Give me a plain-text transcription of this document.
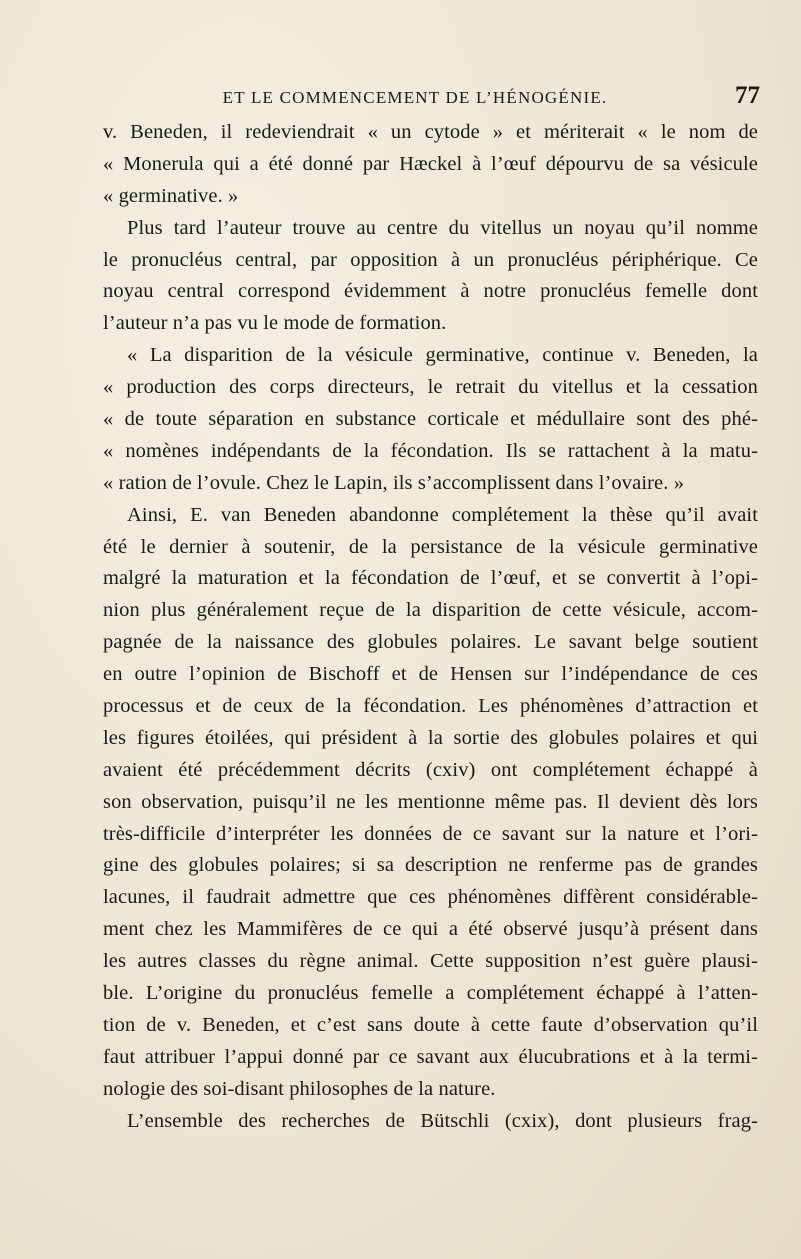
ET LE COMMENCEMENT DE L’HÉNOGÉNIE.	77
v. Beneden, il redeviendrait « un cytode » et mériterait « le nom de
« Monerula qui a été donné par Hæckel à l’œuf dépourvu de sa vésicule
« germinative. »
Plus tard l’auteur trouve au centre du vitellus un noyau qu’il nomme
le pronucléus central, par opposition à un pronucléus périphérique. Ce
noyau central correspond évidemment à notre pronucléus femelle dont
l’auteur n’a pas vu le mode de formation.
« La disparition de la vésicule germinative, continue v. Beneden, la
« production des corps directeurs, le retrait du vitellus et la cessation
« de toute séparation en substance corticale et médullaire sont des phé-
« nomènes indépendants de la fécondation. Ils se rattachent à la matu-
« ration de l’ovule. Chez le Lapin, ils s’accomplissent dans l’ovaire. »
Ainsi, E. van Beneden abandonne complétement la thèse qu’il avait
été le dernier à soutenir, de la persistance de la vésicule germinative
malgré la maturation et la fécondation de l’œuf, et se convertit à l’opi-
nion plus généralement reçue de la disparition de cette vésicule, accom-
pagnée de la naissance des globules polaires. Le savant belge soutient
en outre l’opinion de Bischoff et de Hensen sur l’indépendance de ces
processus et de ceux de la fécondation. Les phénomènes d’attraction et
les figures étoilées, qui président à la sortie des globules polaires et qui
avaient été précédemment décrits (cxiv) ont complétement échappé à
son observation, puisqu’il ne les mentionne même pas. Il devient dès lors
très-difficile d’interpréter les données de ce savant sur la nature et l’ori-
gine des globules polaires; si sa description ne renferme pas de grandes
lacunes, il faudrait admettre que ces phénomènes diffèrent considérable-
ment chez les Mammifères de ce qui a été observé jusqu’à présent dans
les autres classes du règne animal. Cette supposition n’est guère plausi-
ble. L’origine du pronucléus femelle a complétement échappé à l’atten-
tion de v. Beneden, et c’est sans doute à cette faute d’observation qu’il
faut attribuer l’appui donné par ce savant aux élucubrations et à la termi-
nologie des soi-disant philosophes de la nature.
L’ensemble des recherches de Bütschli (cxix), dont plusieurs frag-
